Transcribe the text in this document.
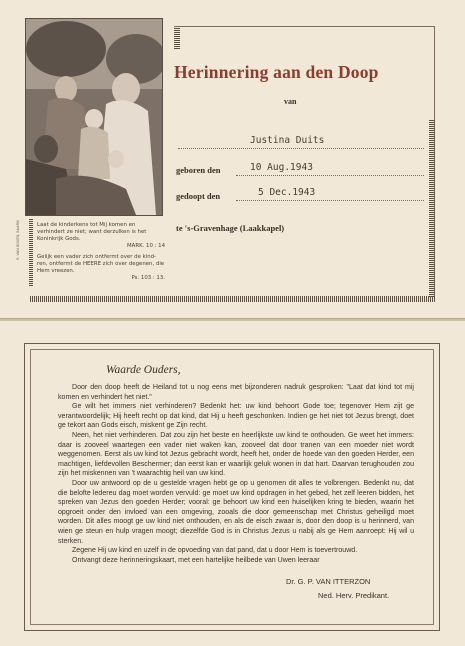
R. VAN BOVEN, BAARN	Laat de kinderkens tot Mij komen en verhindert ze niet; want derzulken is het Koninkrijk Gods.

MARK. 10 : 14

Gelijk een vader zich ontfermt over de kind-ren, ontfermt de HEERE zich over degenen, die Hem vreezen.

Ps. 103 : 13.
Herinnering aan den Doop
van
Justina Duits
geboren den	10 Aug.1943
gedoopt den	5 Dec.1943
te 's-Gravenhage (Laakkapel)
Waarde Ouders,

Door den doop heeft de Heiland tot u nog eens met bijzonderen nadruk gesproken: "Laat dat kind tot mij komen en verhindert het niet."

Ge wilt het immers niet verhinderen? Bedenkt het: uw kind behoort Gode toe; tegenover Hem zijt ge verantwoordelijk; Hij heeft recht op dat kind, dat Hij u heeft geschonken. Indien ge het niet tot Jezus brengt, doet ge tekort aan Gods eisch, miskent ge Zijn recht.

Neen, het niet verhinderen. Dat zou zijn het beste en heerlijkste uw kind te onthouden. Ge weet het immers: daar is zooveel waartegen een vader niet waken kan, zooveel dat door tranen van een moeder niet wordt weggenomen. Eerst als uw kind tot Jezus gebracht wordt, heeft het, onder de hoede van den goeden Herder, een machtigen, liefdevollen Beschermer; dan eerst kan er waarlijk geluk wonen in dat hart. Daarvan terughouden zou zijn het miskennen van 't waarachtig heil van uw kind.

Door uw antwoord op de u gestelde vragen hebt ge op u genomen dit alles te volbrengen. Bedenkt nu, dat die belofte ledereu dag moet worden vervuld: ge moet uw kind opdragen in het gebed, het zelf leeren bidden, het spreken van Jezus den goeden Herder; vooral: ge behoort uw kind een huiselijken kring te bieden, waarin het opgroeit onder den invloed van een omgeving, zooals die door gemeenschap met Christus geheiligd moet worden. Dit alles moogt ge uw kind niet onthouden, en als de eisch zwaar is, door den doop is u herinnerd, van wien ge steun en hulp vragen moogt; diezelfde God is in Christus Jezus u nabij als ge Hem aanroept: Hij wil u sterken.

Zegene Hij uw kind en uzelf in de opvoeding van dat pand, dat u door Hem is toevertrouwd.

Ontvangt deze herinneringskaart, met een hartelijke heilbede van Uwen leeraar

Dr. G. P. VAN ITTERZON
Ned. Herv. Predikant.
